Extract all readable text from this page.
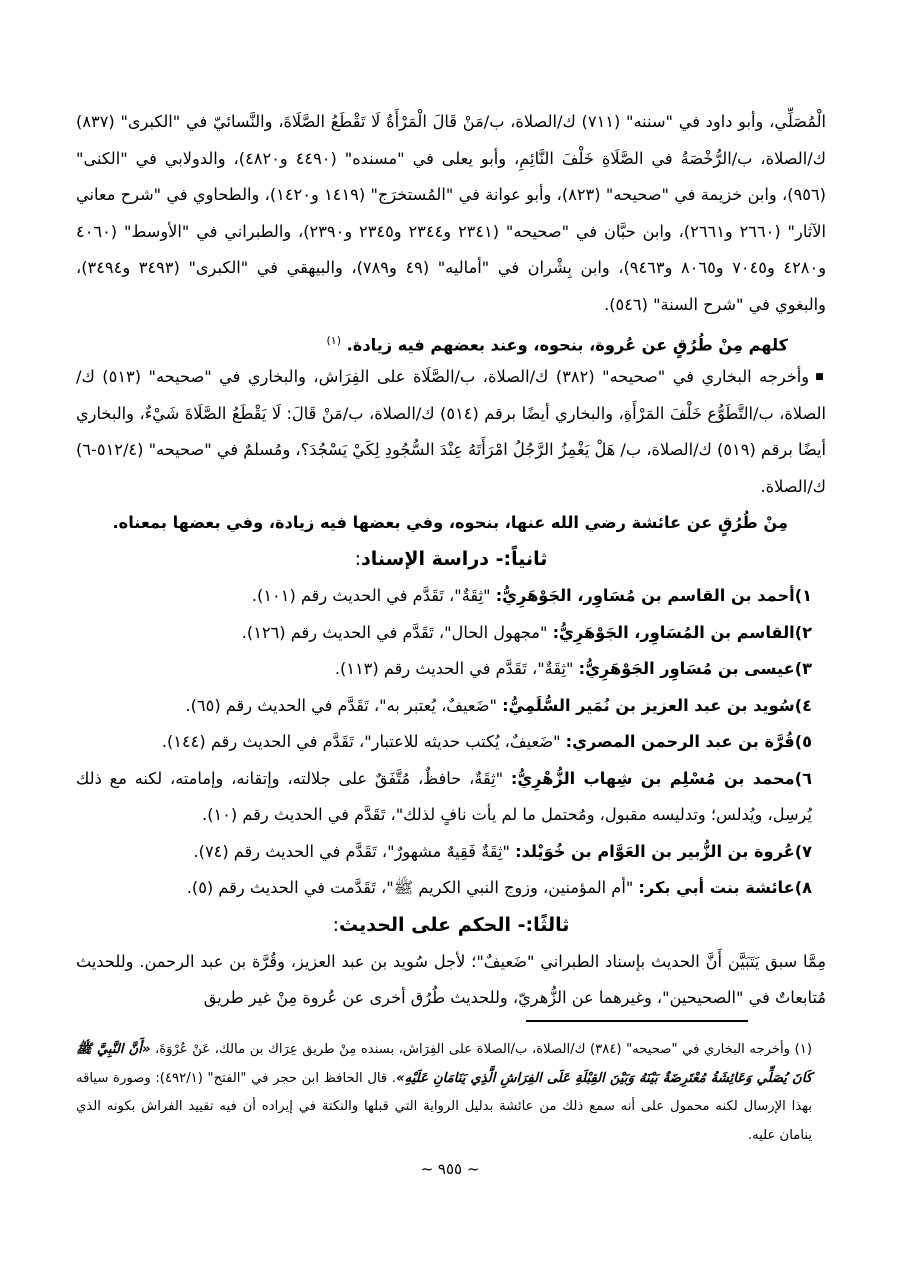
الْمُصَلِّي، وأبو داود في "سننه" (٧١١) ك/الصلاة، ب/مَنْ قَالَ الْمَرْأَةُ لَا تَقْطَعُ الصَّلَاةَ، والنَّسائيّ في "الكبرى" (٨٣٧) ك/الصلاة، ب/الرُّخْصَةُ في الصَّلَاةِ خَلْفَ النَّائِمِ، وأبو يعلى في "مسنده" (٤٤٩٠ و٤٨٢٠)، والدولابي في "الكنى" (٩٥٦)، وابن خزيمة في "صحيحه" (٨٢٣)، وأبو عوانة في "المُستخرَج" (١٤١٩ و١٤٢٠)، والطحاوي في "شرح معاني الآثار" (٢٦٦٠ و٢٦٦١)، وابن حبَّان في "صحيحه" (٢٣٤١ و٢٣٤٤ و٢٣٤٥ و٢٣٩٠)، والطبراني في "الأوسط" (٤٠٦٠ و٤٢٨٠ و٧٠٤٥ و٨٠٦٥ و٩٤٦٣)، وابن بِشْران في "أماليه" (٤٩ و٧٨٩)، والبيهقي في "الكبرى" (٣٤٩٣ و٣٤٩٤)، والبغوي في "شرح السنة" (٥٤٦).

كلهم مِنْ طُرُقٍ عن عُروة، بنحوه، وعند بعضهم فيه زيادة. $^{(١)}$

■وأخرجه البخاري في "صحيحه" (٣٨٢) ك/الصلاة، ب/الصَّلَاة على الفِرَاش، والبخاري في "صحيحه" (٥١٣) ك/الصلاة، ب/التَّطَوُّع خَلْفَ المَرْأَةِ، والبخاري أيضًا برقم (٥١٤) ك/الصلاة، ب/مَنْ قَالَ: لَا يَقْطَعُ الصَّلَاةَ شَيْءٌ، والبخاري أيضًا برقم (٥١٩) ك/الصلاة، ب/ هَلْ يَغْمِزُ الرَّجُلُ امْرَأَتَهُ عِنْدَ السُّجُودِ لِكَيْ يَسْجُدَ؟، ومُسلمٌ في "صحيحه" (٥١٢/٤-٦) ك/الصلاة.

مِنْ طُرُقٍ عن عائشة رضي الله عنها، بنحوه، وفي بعضها فيه زيادة، وفي بعضها بمعناه.

ثانياً:- دراسة الإسناد:
١)أحمد بن القاسم بن مُسَاوِر، الجَوْهَرِيُّ: "ثِقَةٌ"، تَقَدَّم في الحديث رقم (١٠١).
٢)القاسم بن المُسَاوِر، الجَوْهَرِيُّ: "مجهول الحال"، تَقَدَّم في الحديث رقم (١٢٦).
٣)عيسى بن مُسَاوِر الجَوْهَرِيُّ: "ثِقَةٌ"، تَقَدَّم في الحديث رقم (١١٣).
٤)سُويد بن عبد العزيز بن نُمَير السُّلَمِيُّ: "ضَعيفٌ، يُعتبر به"، تَقَدَّم في الحديث رقم (٦٥).
٥)قُرَّة بن عبد الرحمن المصري: "ضَعيفٌ، يُكتب حديثه للاعتبار"، تَقَدَّم في الحديث رقم (١٤٤).
٦)محمد بن مُسْلِم بن شِهاب الزُّهْرِيُّ: "ثِقَةٌ، حافظٌ، مُتَّفَقٌ على جلالته، وإتقانه، وإمامته، لكنه مع ذلك يُرسِل، ويُدلس؛ وتدليسه مقبول، ومُحتمل ما لم يأت نافٍ لذلك"، تَقَدَّم في الحديث رقم (١٠).
٧)عُروة بن الزُّبير بن العَوَّام بن خُوَيْلد: "ثِقَةٌ فَقِيهٌ مشهورٌ"، تَقَدَّم في الحديث رقم (٧٤).
٨)عائشة بنت أبي بكر: "أم المؤمنين، وزوج النبي الكريم ﷺ"، تَقَدَّمت في الحديث رقم (٥).
ثالثًا:- الحكم على الحديث:

مِمَّا سبق يَتَبَيَّن أَنَّ الحديث بإسناد الطبراني "ضَعيفٌ"؛ لأجل سُويد بن عبد العزيز، وقُرَّة بن عبد الرحمن. وللحديث مُتابعاتٌ في "الصحيحين"، وغيرهما عن الزُّهريّ، وللحديث طُرُق أخرى عن عُروة مِنْ غير طريق

(١) وأخرجه البخاري في "صحيحه" (٣٨٤) ك/الصلاة، ب/الصلاة على الفِرَاش، بسنده مِنْ طريق عِرَاك بن مالك، عَنْ عُرْوَةَ، «أَنَّ النَّبِيَّ ﷺ كَانَ يُصَلِّي وَعَائِشَةُ مُعْتَرِضَةٌ بَيْنَهُ وَبَيْنَ القِبْلَةِ عَلَى الفِرَاشِ الَّذِي يَنَامَانِ عَلَيْهِ». قال الحافظ ابن حجر في "الفتح" (٤٩٢/١): وصورة سياقه بهذا الإرسال لكنه محمول على أنه سمع ذلك من عائشة بدليل الرواية التي قبلها والنكتة في إيراده أن فيه تقييد الفراش بكونه الذي ينامان عليه.

~ ٩٥٥ ~
